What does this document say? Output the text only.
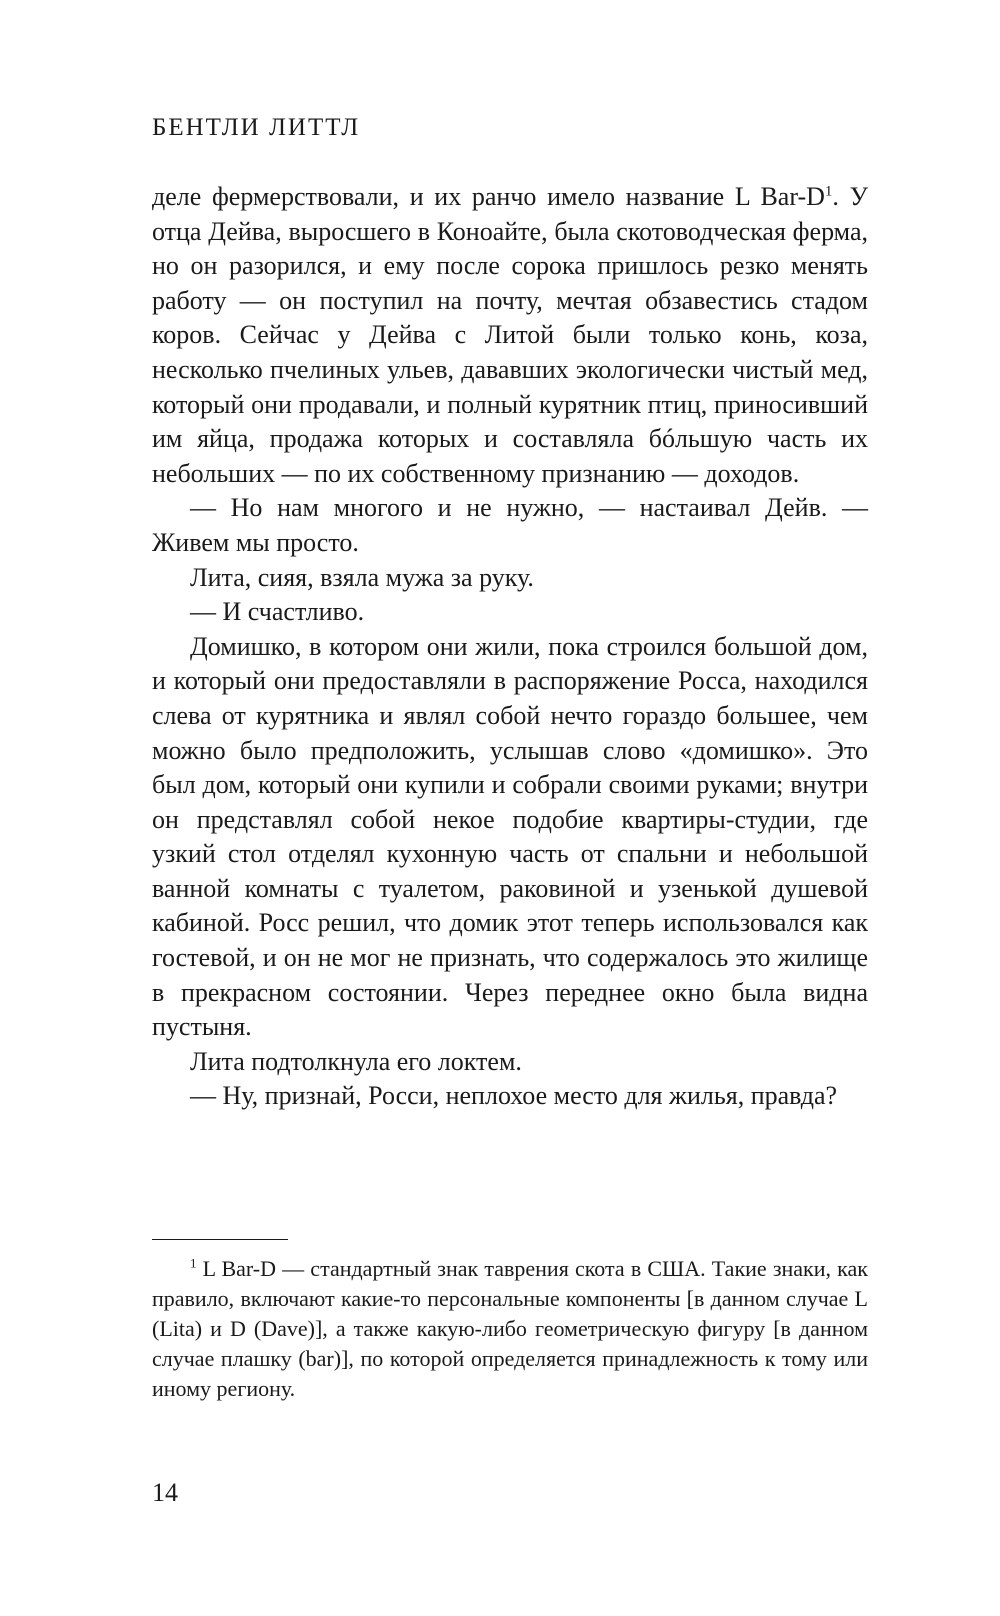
БЕНТЛИ ЛИТТЛ

деле фермерствовали, и их ранчо имело название L Bar-$D^1$. У отца Дейва, выросшего в Коноайте, была скотоводческая ферма, но он разорился, и ему после сорока пришлось резко менять работу — он поступил на почту, мечтая обзавестись стадом коров. Сейчас у Дейва с Литой были только конь, коза, несколько пчелиных ульев, дававших экологически чистый мед, который они продавали, и полный курятник птиц, приносивший им яйца, продажа которых и составляла бóльшую часть их небольших — по их собственному признанию — доходов.

— Но нам многого и не нужно, — настаивал Дейв. — Живем мы просто.

Лита, сияя, взяла мужа за руку.

— И счастливо.

Домишко, в котором они жили, пока строился большой дом, и который они предоставляли в распоряжение Росса, находился слева от курятника и являл собой нечто гораздо большее, чем можно было предположить, услышав слово «домишко». Это был дом, который они купили и собрали своими руками; внутри он представлял собой некое подобие квартиры-студии, где узкий стол отделял кухонную часть от спальни и небольшой ванной комнаты с туалетом, раковиной и узенькой душевой кабиной. Росс решил, что домик этот теперь использовался как гостевой, и он не мог не признать, что содержалось это жилище в прекрасном состоянии. Через переднее окно была видна пустыня.

Лита подтолкнула его локтем.

— Ну, признай, Росси, неплохое место для жилья, правда?

$^1$ L Bar-D — стандартный знак таврения скота в США. Такие знаки, как правило, включают какие-то персональные компоненты [в данном случае L (Lita) и D (Dave)], а также какую-либо геометрическую фигуру [в данном случае плашку (bar)], по которой определяется принадлежность к тому или иному региону.

14
